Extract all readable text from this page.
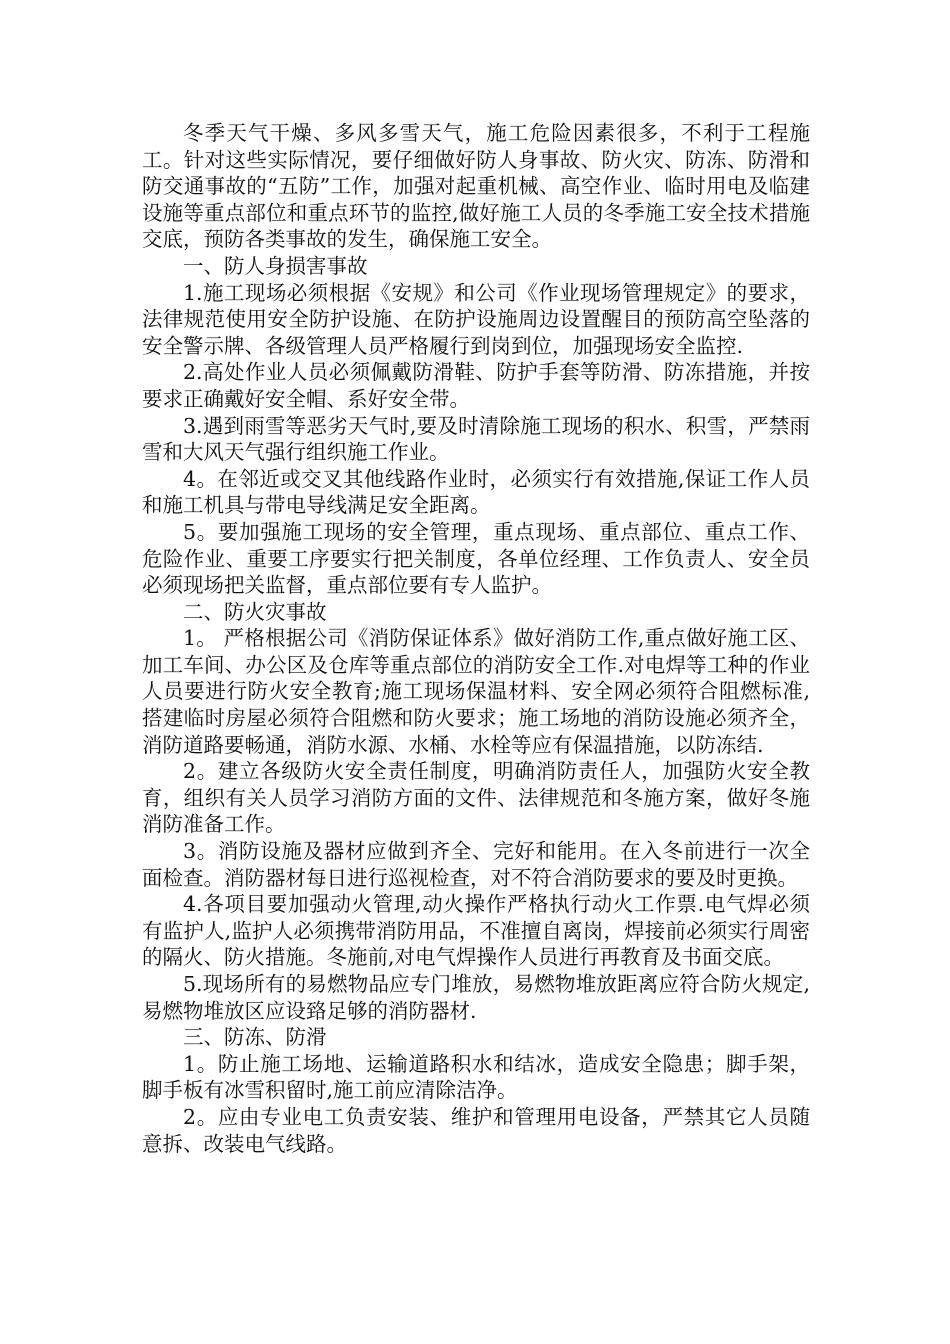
冬季天气干燥、多风多雪天气，施工危险因素很多，不利于工程施工。针对这些实际情况，要仔细做好防人身事故、防火灾、防冻、防滑和防交通事故的“五防”工作，加强对起重机械、高空作业、临时用电及临建设施等重点部位和重点环节的监控,做好施工人员的冬季施工安全技术措施交底，预防各类事故的发生，确保施工安全。

一、防人身损害事故

1.施工现场必须根据《安规》和公司《作业现场管理规定》的要求，法律规范使用安全防护设施、在防护设施周边设置醒目的预防高空坠落的安全警示牌、各级管理人员严格履行到岗到位，加强现场安全监控.

2.高处作业人员必须佩戴防滑鞋、防护手套等防滑、防冻措施，并按要求正确戴好安全帽、系好安全带。

3.遇到雨雪等恶劣天气时,要及时清除施工现场的积水、积雪，严禁雨雪和大风天气强行组织施工作业。

4。在邻近或交叉其他线路作业时，必须实行有效措施,保证工作人员和施工机具与带电导线满足安全距离。

5。要加强施工现场的安全管理，重点现场、重点部位、重点工作、危险作业、重要工序要实行把关制度，各单位经理、工作负责人、安全员必须现场把关监督，重点部位要有专人监护。

二、防火灾事故

1。 严格根据公司《消防保证体系》做好消防工作,重点做好施工区、加工车间、办公区及仓库等重点部位的消防安全工作.对电焊等工种的作业人员要进行防火安全教育;施工现场保温材料、安全网必须符合阻燃标准,搭建临时房屋必须符合阻燃和防火要求；施工场地的消防设施必须齐全，消防道路要畅通，消防水源、水桶、水栓等应有保温措施，以防冻结.

2。建立各级防火安全责任制度，明确消防责任人，加强防火安全教育，组织有关人员学习消防方面的文件、法律规范和冬施方案，做好冬施消防准备工作。

3。消防设施及器材应做到齐全、完好和能用。在入冬前进行一次全面检查。消防器材每日进行巡视检查，对不符合消防要求的要及时更换。

4.各项目要加强动火管理,动火操作严格执行动火工作票.电气焊必须有监护人,监护人必须携带消防用品，不准擅自离岗，焊接前必须实行周密的隔火、防火措施。冬施前,对电气焊操作人员进行再教育及书面交底。

5.现场所有的易燃物品应专门堆放，易燃物堆放距离应符合防火规定,易燃物堆放区应设臵足够的消防器材.

三、防冻、防滑

1。防止施工场地、运输道路积水和结冰，造成安全隐患；脚手架，脚手板有冰雪积留时,施工前应清除洁净。

2。应由专业电工负责安装、维护和管理用电设备，严禁其它人员随意拆、改装电气线路。
